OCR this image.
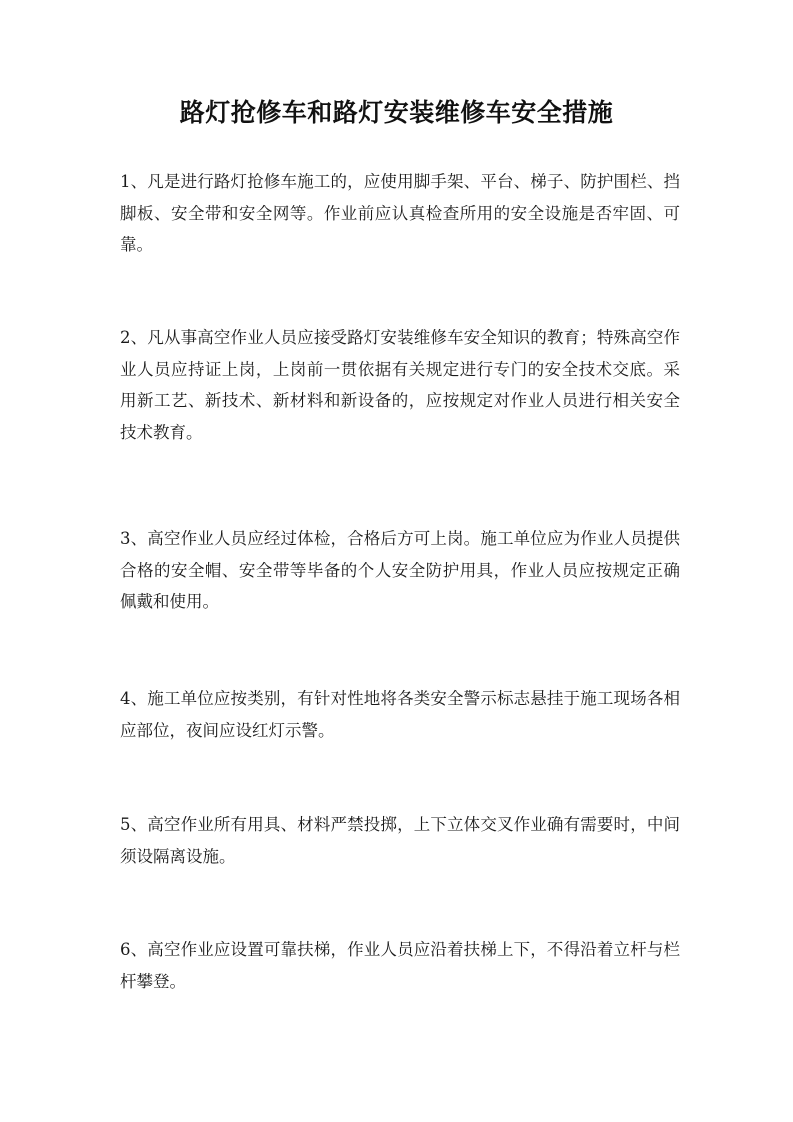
路灯抢修车和路灯安装维修车安全措施

1、凡是进行路灯抢修车施工的，应使用脚手架、平台、梯子、防护围栏、挡脚板、安全带和安全网等。作业前应认真检查所用的安全设施是否牢固、可靠。

2、凡从事高空作业人员应接受路灯安装维修车安全知识的教育；特殊高空作业人员应持证上岗，上岗前一贯依据有关规定进行专门的安全技术交底。采用新工艺、新技术、新材料和新设备的，应按规定对作业人员进行相关安全技术教育。

3、高空作业人员应经过体检，合格后方可上岗。施工单位应为作业人员提供合格的安全帽、安全带等毕备的个人安全防护用具，作业人员应按规定正确佩戴和使用。

4、施工单位应按类别，有针对性地将各类安全警示标志悬挂于施工现场各相应部位，夜间应设红灯示警。

5、高空作业所有用具、材料严禁投掷，上下立体交叉作业确有需要时，中间须设隔离设施。

6、高空作业应设置可靠扶梯，作业人员应沿着扶梯上下，不得沿着立杆与栏杆攀登。
